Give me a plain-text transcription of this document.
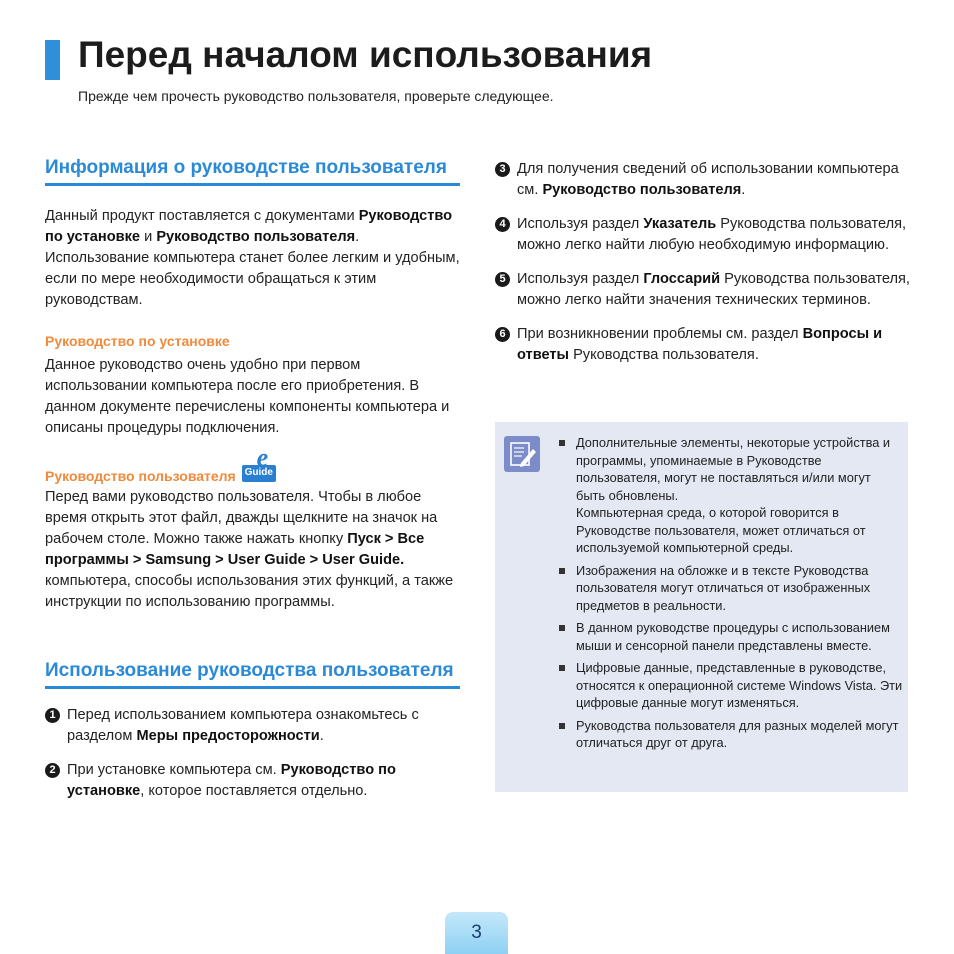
Перед началом использования

Прежде чем прочесть руководство пользователя, проверьте следующее.

Информация о руководстве пользователя

Данный продукт поставляется с документами Руководство по установке и Руководство пользователя.

Использование компьютера станет более легким и удобным, если по мере необходимости обращаться к этим руководствам.

Руководство по установке

Данное руководство очень удобно при первом использовании компьютера после его приобретения. В данном документе перечислены компоненты компьютера и описаны процедуры подключения.

Руководство пользователя
e
Guide

Перед вами руководство пользователя. Чтобы в любое время открыть этот файл, дважды щелкните на значок на рабочем столе. Можно также нажать кнопку Пуск > Все программы > Samsung > User Guide > User Guide.

компьютера, способы использования этих функций, а также инструкции по использованию программы.

Использование руководства пользователя
1 Перед использованием компьютера ознакомьтесь с разделом Меры предосторожности.
2 При установке компьютера см. Руководство по установке, которое поставляется отдельно.
3 Для получения сведений об использовании компьютера см. Руководство пользователя.
4 Используя раздел Указатель Руководства пользователя, можно легко найти любую необходимую информацию.
5 Используя раздел Глоссарий Руководства пользователя, можно легко найти значения технических терминов.
6 При возникновении проблемы см. раздел Вопросы и ответы Руководства пользователя.
Дополнительные элементы, некоторые устройства и программы, упоминаемые в Руководстве пользователя, могут не поставляться и/или могут быть обновлены.
Компьютерная среда, о которой говорится в Руководстве пользователя, может отличаться от используемой компьютерной среды.
Изображения на обложке и в тексте Руководства пользователя могут отличаться от изображенных предметов в реальности.
В данном руководстве процедуры с использованием мыши и сенсорной панели представлены вместе.
Цифровые данные, представленные в руководстве, относятся к операционной системе Windows Vista. Эти цифровые данные могут изменяться.
Руководства пользователя для разных моделей могут отличаться друг от друга.
3
